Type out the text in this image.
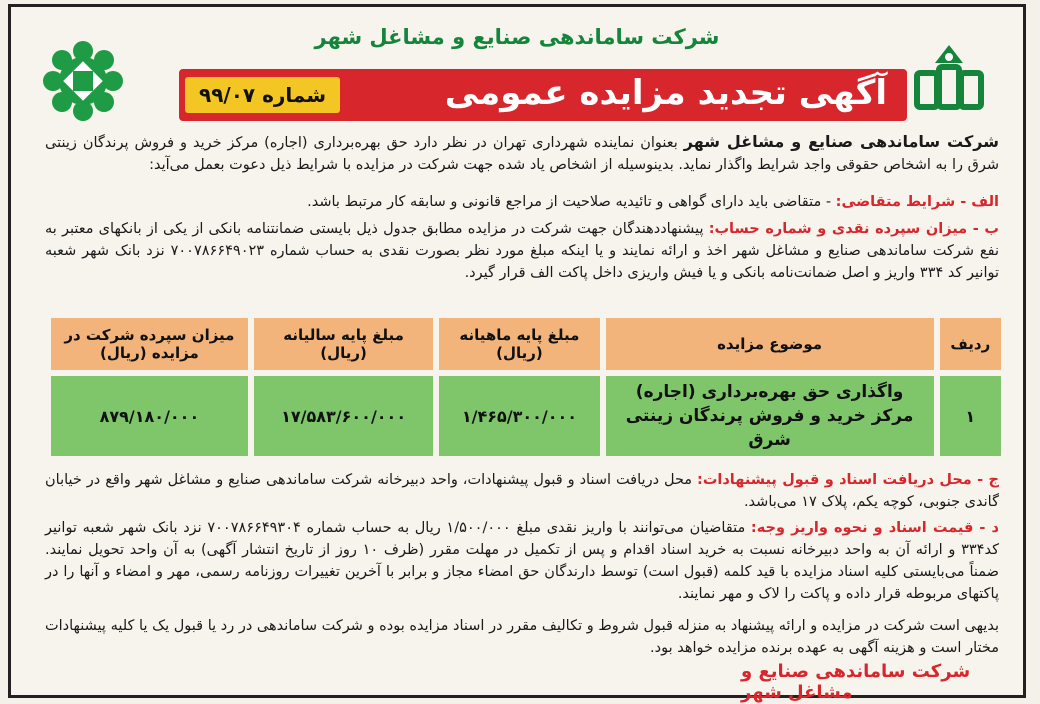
شرکت ساماندهی صنایع و مشاغل شهر
آگهی تجدید مزایده عمومی
شماره ۹۹/۰۷
شرکت ساماندهی صنایع و مشاغل شهر بعنوان نماینده شهرداری تهران در نظر دارد حق بهره‌برداری (اجاره) مرکز خرید و فروش پرندگان زینتی شرق را به اشخاص حقوقی واجد شرایط واگذار نماید. بدینوسیله از اشخاص یاد شده جهت شرکت در مزایده با شرایط ذیل دعوت بعمل می‌آید:
الف - شرایط متقاضی: - متقاضی باید دارای گواهی و تائیدیه صلاحیت از مراجع قانونی و سابقه کار مرتبط باشد.
ب - میزان سپرده نقدی و شماره حساب: پیشنهاددهندگان جهت شرکت در مزایده مطابق جدول ذیل بایستی ضمانتنامه بانکی از یکی از بانکهای معتبر به نفع شرکت ساماندهی صنایع و مشاغل شهر اخذ و ارائه نمایند و یا اینکه مبلغ مورد نظر بصورت نقدی به حساب شماره ۷۰۰۷۸۶۶۴۹۰۲۳ نزد بانک شهر شعبه توانیر کد ۳۳۴ واریز و اصل ضمانت‌نامه بانکی و یا فیش واریزی داخل پاکت الف قرار گیرد.
ردیف	موضوع مزایده	مبلغ پایه ماهیانه (ریال)	مبلغ پایه سالیانه (ریال)	میزان سپرده شرکت در مزایده (ریال)
۱	واگذاری حق بهره‌برداری (اجاره)
مرکز خرید و فروش پرندگان زینتی شرق	۱/۴۶۵/۳۰۰/۰۰۰	۱۷/۵۸۳/۶۰۰/۰۰۰	۸۷۹/۱۸۰/۰۰۰
ج - محل دریافت اسناد و قبول پیشنهادات: محل دریافت اسناد و قبول پیشنهادات، واحد دبیرخانه شرکت ساماندهی صنایع و مشاغل شهر واقع در خیابان گاندی جنوبی، کوچه یکم، پلاک ۱۷ می‌باشد.
د - قیمت اسناد و نحوه واریز وجه: متقاضیان می‌توانند با واریز نقدی مبلغ ۱/۵۰۰/۰۰۰ ریال به حساب شماره ۷۰۰۷۸۶۶۴۹۳۰۴ نزد بانک شهر شعبه توانیر کد۳۳۴ و ارائه آن به واحد دبیرخانه نسبت به خرید اسناد اقدام و پس از تکمیل در مهلت مقرر (ظرف ۱۰ روز از تاریخ انتشار آگهی) به آن واحد تحویل نمایند. ضمناً می‌بایستی کلیه اسناد مزایده با قید کلمه (قبول است) توسط دارندگان حق امضاء مجاز و برابر با آخرین تغییرات روزنامه رسمی، مهر و امضاء و آنها را در پاکتهای مربوطه قرار داده و پاکت را لاک و مهر نمایند.
بدیهی است شرکت در مزایده و ارائه پیشنهاد به منزله قبول شروط و تکالیف مقرر در اسناد مزایده بوده و شرکت ساماندهی در رد یا قبول یک یا کلیه پیشنهادات مختار است و هزینه آگهی به عهده برنده مزایده خواهد بود.
شرکت ساماندهی صنایع و مشاغل شهر
